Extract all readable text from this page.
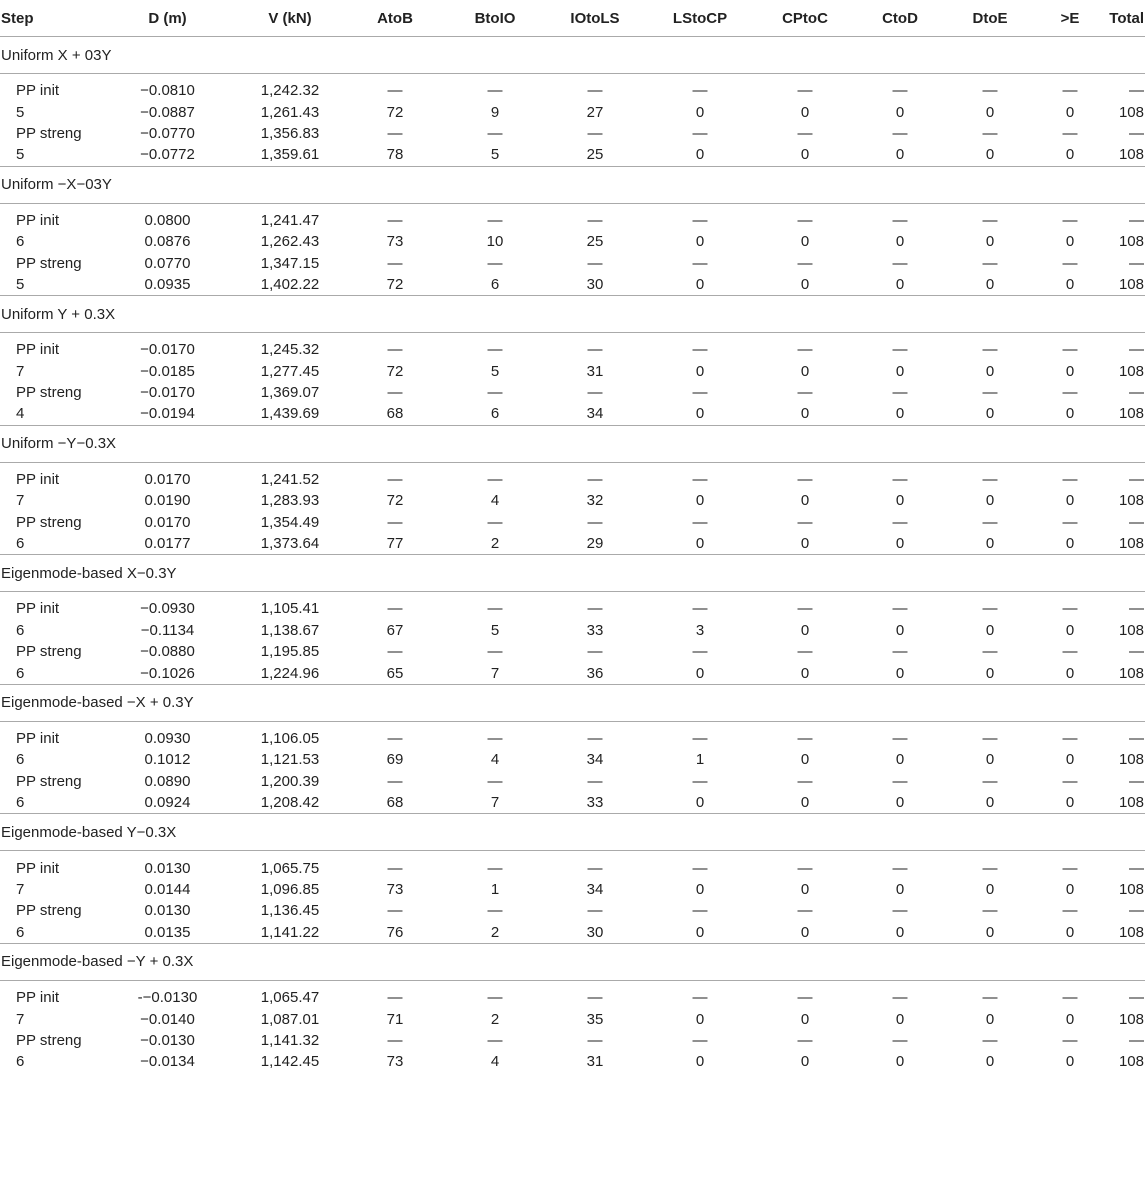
Step	D (m)	V (kN)	AtoB	BtoIO	IOtoLS	LStoCP	CPtoC	CtoD	DtoE	>E	Total
Uniform X + 03Y											
PP init	−0.0810	1,242.32	—	—	—	—	—	—	—	—	—
5	−0.0887	1,261.43	72	9	27	0	0	0	0	0	108
PP streng	−0.0770	1,356.83	—	—	—	—	—	—	—	—	—
5	−0.0772	1,359.61	78	5	25	0	0	0	0	0	108
Uniform −X−03Y											
PP init	0.0800	1,241.47	—	—	—	—	—	—	—	—	—
6	0.0876	1,262.43	73	10	25	0	0	0	0	0	108
PP streng	0.0770	1,347.15	—	—	—	—	—	—	—	—	—
5	0.0935	1,402.22	72	6	30	0	0	0	0	0	108
Uniform Y + 0.3X											
PP init	−0.0170	1,245.32	—	—	—	—	—	—	—	—	—
7	−0.0185	1,277.45	72	5	31	0	0	0	0	0	108
PP streng	−0.0170	1,369.07	—	—	—	—	—	—	—	—	—
4	−0.0194	1,439.69	68	6	34	0	0	0	0	0	108
Uniform −Y−0.3X											
PP init	0.0170	1,241.52	—	—	—	—	—	—	—	—	—
7	0.0190	1,283.93	72	4	32	0	0	0	0	0	108
PP streng	0.0170	1,354.49	—	—	—	—	—	—	—	—	—
6	0.0177	1,373.64	77	2	29	0	0	0	0	0	108
Eigenmode-based X−0.3Y											
PP init	−0.0930	1,105.41	—	—	—	—	—	—	—	—	—
6	−0.1134	1,138.67	67	5	33	3	0	0	0	0	108
PP streng	−0.0880	1,195.85	—	—	—	—	—	—	—	—	—
6	−0.1026	1,224.96	65	7	36	0	0	0	0	0	108
Eigenmode-based −X + 0.3Y											
PP init	0.0930	1,106.05	—	—	—	—	—	—	—	—	—
6	0.1012	1,121.53	69	4	34	1	0	0	0	0	108
PP streng	0.0890	1,200.39	—	—	—	—	—	—	—	—	—
6	0.0924	1,208.42	68	7	33	0	0	0	0	0	108
Eigenmode-based Y−0.3X											
PP init	0.0130	1,065.75	—	—	—	—	—	—	—	—	—
7	0.0144	1,096.85	73	1	34	0	0	0	0	0	108
PP streng	0.0130	1,136.45	—	—	—	—	—	—	—	—	—
6	0.0135	1,141.22	76	2	30	0	0	0	0	0	108
Eigenmode-based −Y + 0.3X											
PP init	-−0.0130	1,065.47	—	—	—	—	—	—	—	—	—
7	−0.0140	1,087.01	71	2	35	0	0	0	0	0	108
PP streng	−0.0130	1,141.32	—	—	—	—	—	—	—	—	—
6	−0.0134	1,142.45	73	4	31	0	0	0	0	0	108
